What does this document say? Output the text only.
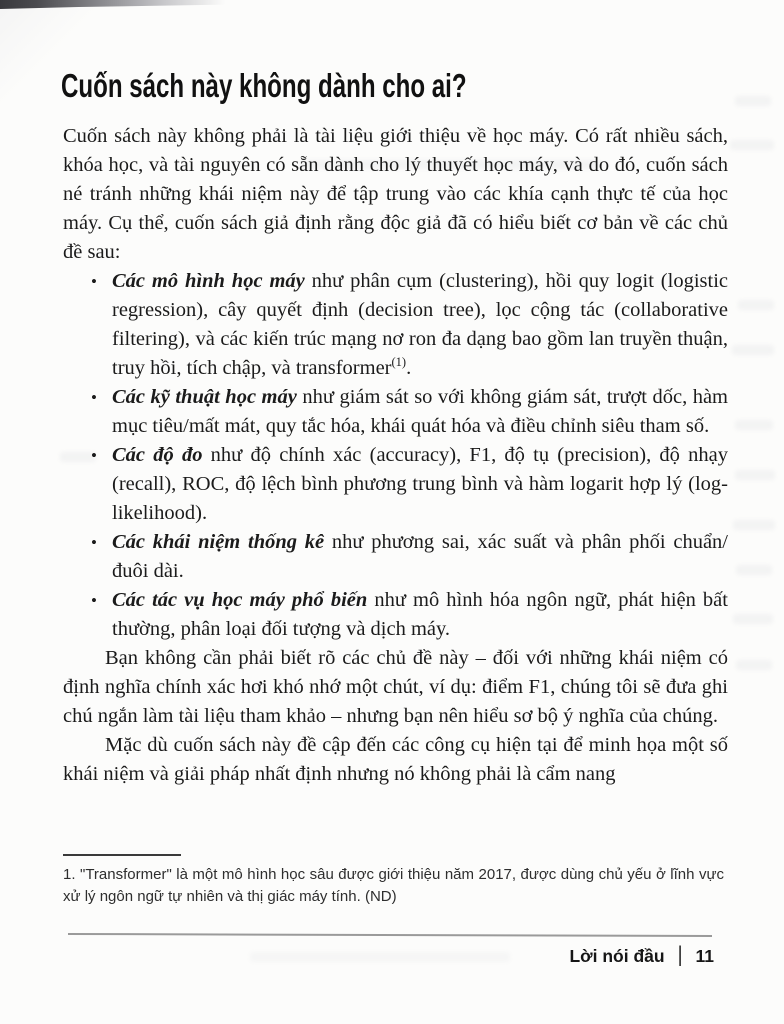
Cuốn sách này không dành cho ai?

Cuốn sách này không phải là tài liệu giới thiệu về học máy. Có rất nhiều sách, khóa học, và tài nguyên có sẵn dành cho lý thuyết học máy, và do đó, cuốn sách né tránh những khái niệm này để tập trung vào các khía cạnh thực tế của học máy. Cụ thể, cuốn sách giả định rằng độc giả đã có hiểu biết cơ bản về các chủ đề sau:

• Các mô hình học máy như phân cụm (clustering), hồi quy logit (logistic regression), cây quyết định (decision tree), lọc cộng tác (collaborative filtering), và các kiến trúc mạng nơ ron đa dạng bao gồm lan truyền thuận, truy hồi, tích chập, và transformer$^{(1)}$.
• Các kỹ thuật học máy như giám sát so với không giám sát, trượt dốc, hàm mục tiêu/mất mát, quy tắc hóa, khái quát hóa và điều chỉnh siêu tham số.
• Các độ đo như độ chính xác (accuracy), F1, độ tụ (precision), độ nhạy (recall), ROC, độ lệch bình phương trung bình và hàm logarit hợp lý (log-likelihood).
• Các khái niệm thống kê như phương sai, xác suất và phân phối chuẩn/đuôi dài.
• Các tác vụ học máy phổ biến như mô hình hóa ngôn ngữ, phát hiện bất thường, phân loại đối tượng và dịch máy.

Bạn không cần phải biết rõ các chủ đề này – đối với những khái niệm có định nghĩa chính xác hơi khó nhớ một chút, ví dụ: điểm F1, chúng tôi sẽ đưa ghi chú ngắn làm tài liệu tham khảo – nhưng bạn nên hiểu sơ bộ ý nghĩa của chúng.

Mặc dù cuốn sách này đề cập đến các công cụ hiện tại để minh họa một số khái niệm và giải pháp nhất định nhưng nó không phải là cẩm nang

1. "Transformer" là một mô hình học sâu được giới thiệu năm 2017, được dùng chủ yếu ở lĩnh vực xử lý ngôn ngữ tự nhiên và thị giác máy tính. (ND)

Lời nói đầu | 11
